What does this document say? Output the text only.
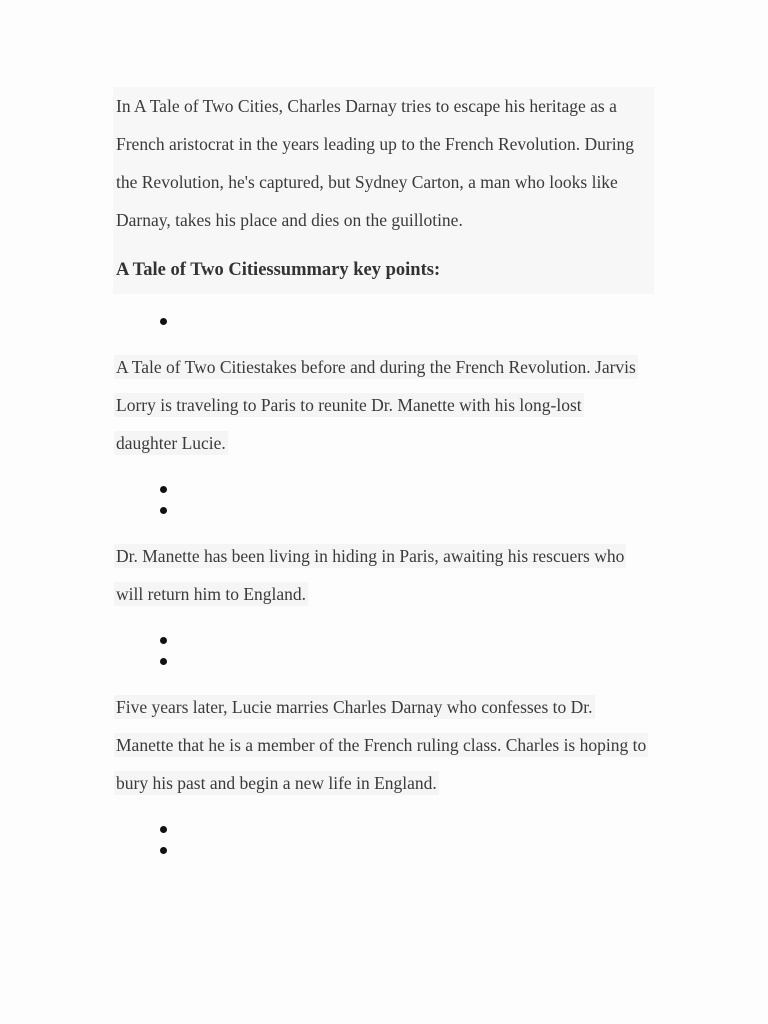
In A Tale of Two Cities, Charles Darnay tries to escape his heritage as a
French aristocrat in the years leading up to the French Revolution. During
the Revolution, he's captured, but Sydney Carton, a man who looks like
Darnay, takes his place and dies on the guillotine.

A Tale of Two Citiessummary key points:

A Tale of Two Citiestakes before and during the French Revolution. Jarvis
Lorry is traveling to Paris to reunite Dr. Manette with his long-lost
daughter Lucie.

Dr. Manette has been living in hiding in Paris, awaiting his rescuers who
will return him to England.

Five years later, Lucie marries Charles Darnay who confesses to Dr.
Manette that he is a member of the French ruling class. Charles is hoping to
bury his past and begin a new life in England.
